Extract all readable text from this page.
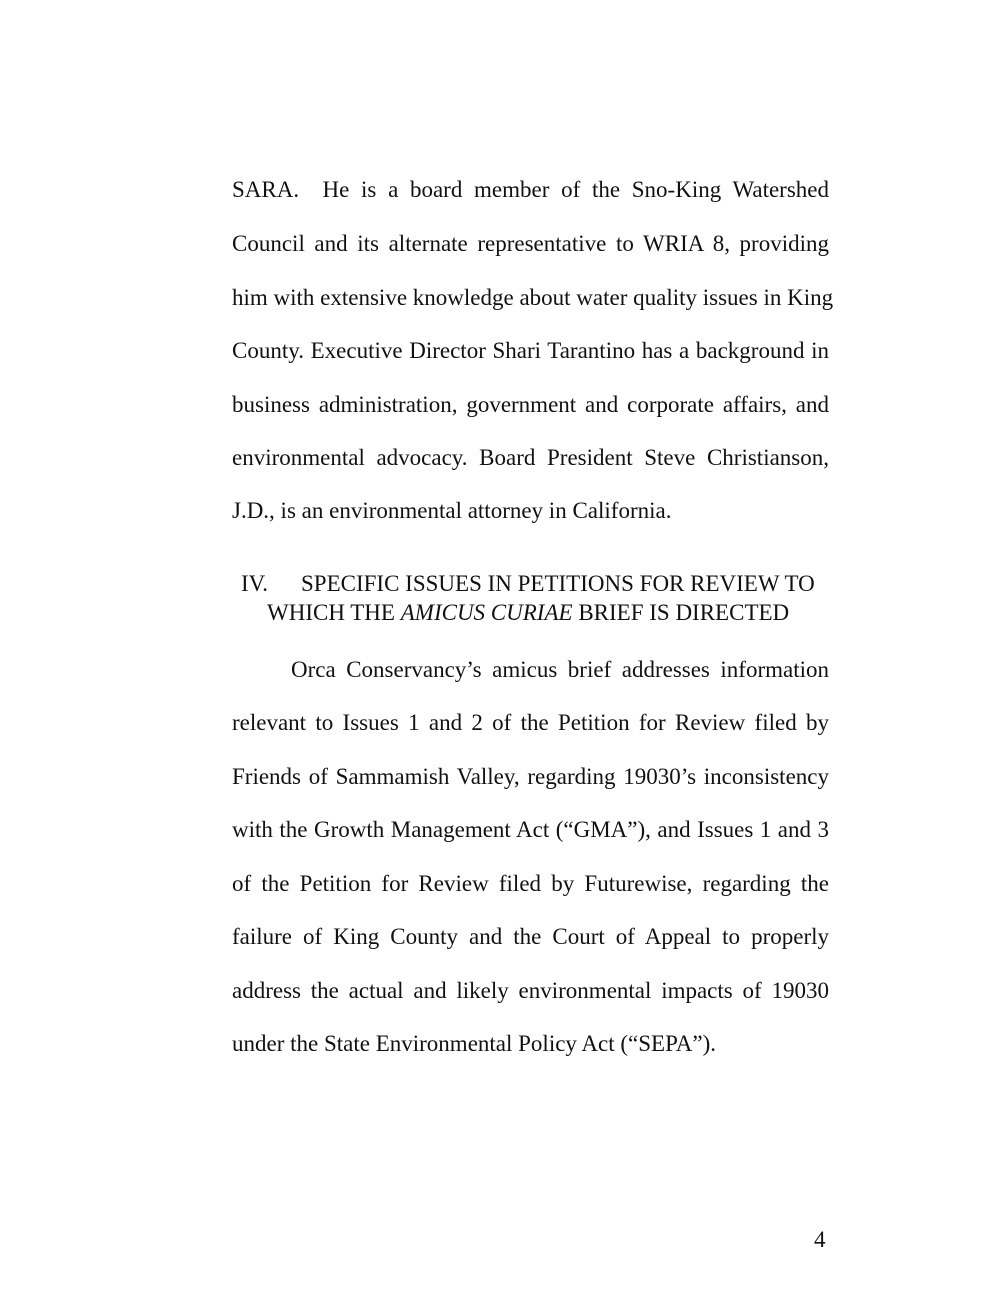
SARA.  He is a board member of the Sno-King Watershed
Council and its alternate representative to WRIA 8, providing
him with extensive knowledge about water quality issues in King
County. Executive Director Shari Tarantino has a background in
business administration, government and corporate affairs, and
environmental advocacy. Board President Steve Christianson,
J.D., is an environmental attorney in California.
IV. SPECIFIC ISSUES IN PETITIONS FOR REVIEW TO
WHICH THE AMICUS CURIAE BRIEF IS DIRECTED
Orca Conservancy’s amicus brief addresses information
relevant to Issues 1 and 2 of the Petition for Review filed by
Friends of Sammamish Valley, regarding 19030’s inconsistency
with the Growth Management Act (“GMA”), and Issues 1 and 3
of the Petition for Review filed by Futurewise, regarding the
failure of King County and the Court of Appeal to properly
address the actual and likely environmental impacts of 19030
under the State Environmental Policy Act (“SEPA”).
4
